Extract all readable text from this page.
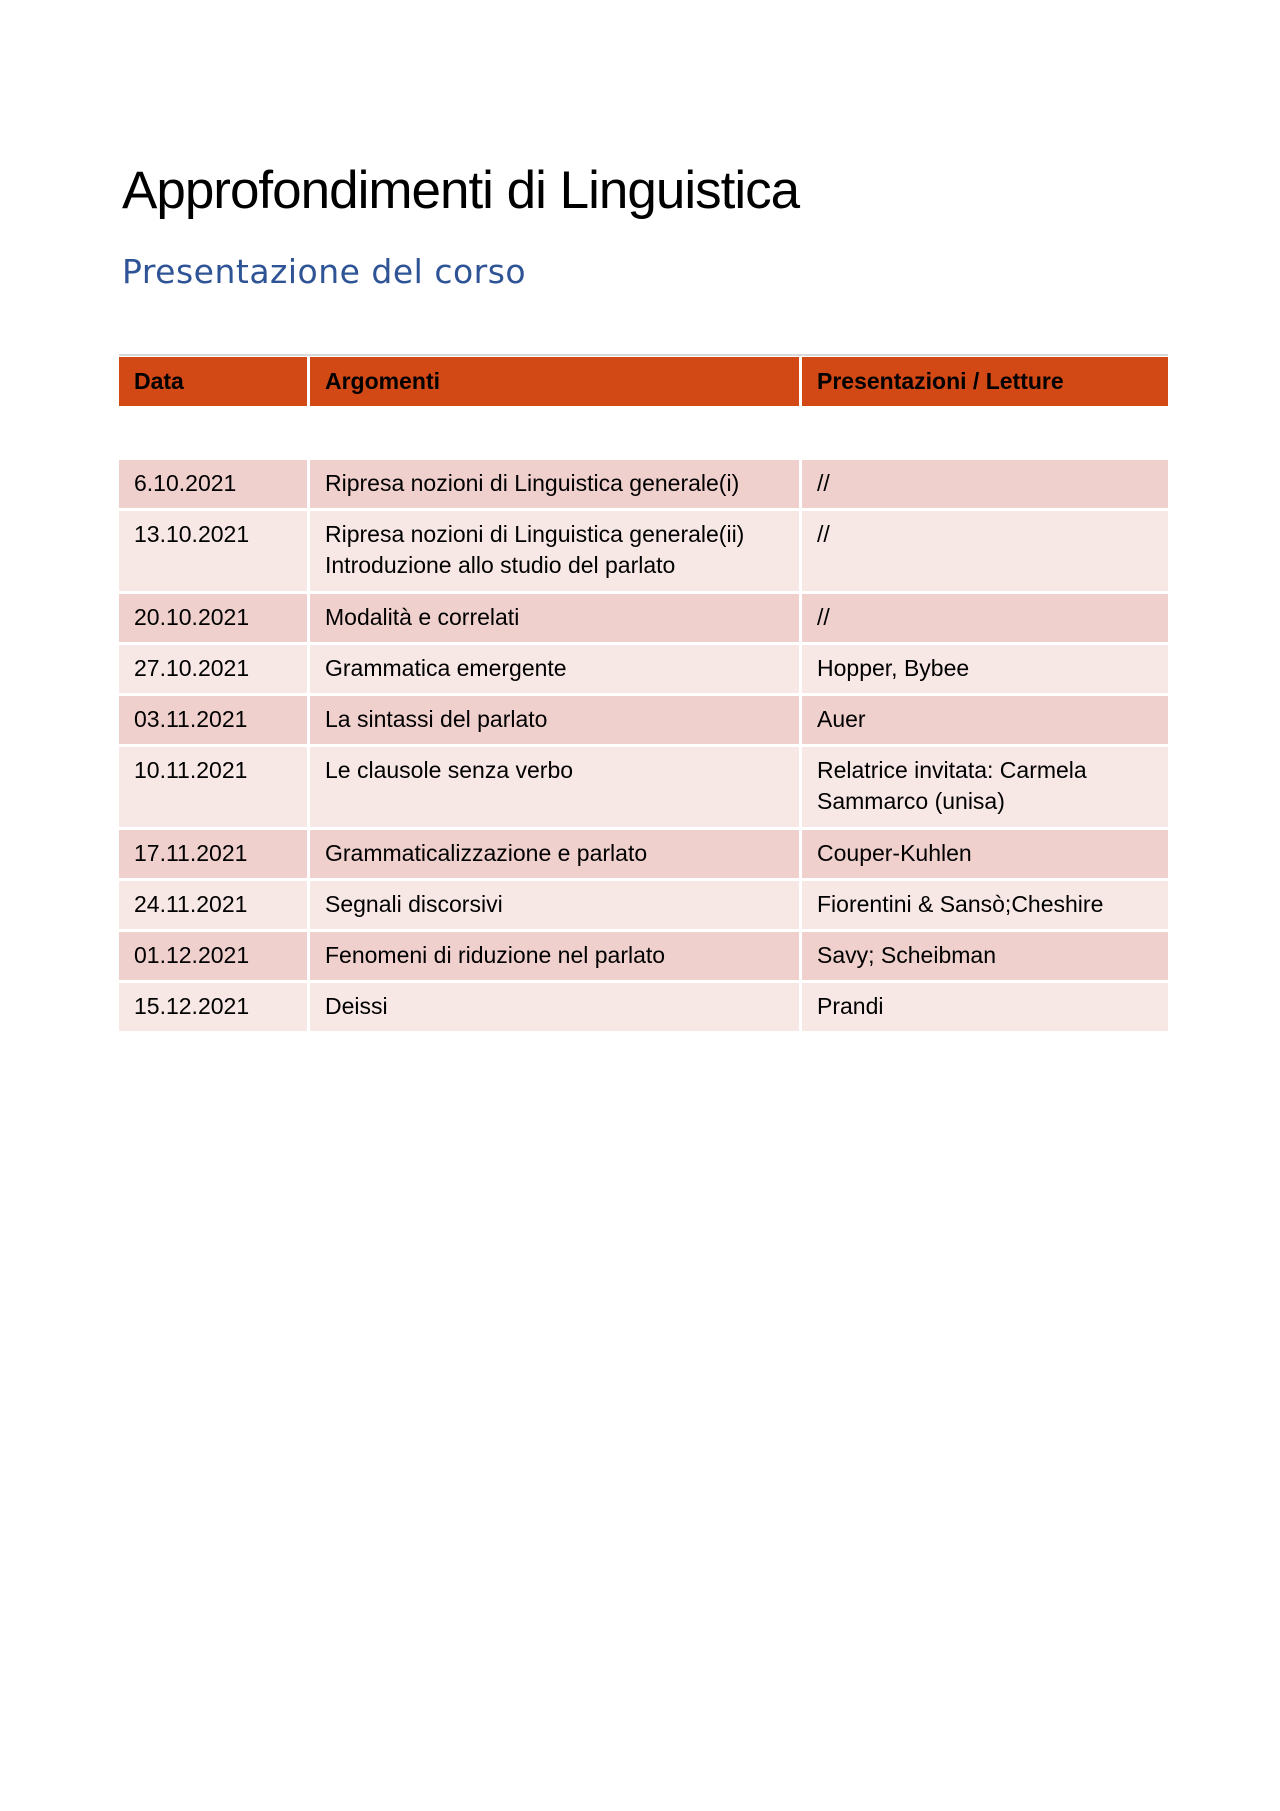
Approfondimenti di Linguistica
Presentazione del corso
Data	Argomenti	Presentazioni / Letture

6.10.2021	Ripresa nozioni di Linguistica generale(i)	//
13.10.2021	Ripresa nozioni di Linguistica generale(ii)
Introduzione allo studio del parlato	//
20.10.2021	Modalità e correlati	//
27.10.2021	Grammatica emergente	Hopper, Bybee
03.11.2021	La sintassi del parlato	Auer
10.11.2021	Le clausole senza verbo	Relatrice invitata: Carmela
Sammarco (unisa)

17.11.2021	Grammaticalizzazione e parlato	Couper-Kuhlen
24.11.2021	Segnali discorsivi	Fiorentini & Sansò;Cheshire
01.12.2021	Fenomeni di riduzione nel parlato	Savy; Scheibman
15.12.2021	Deissi	Prandi
